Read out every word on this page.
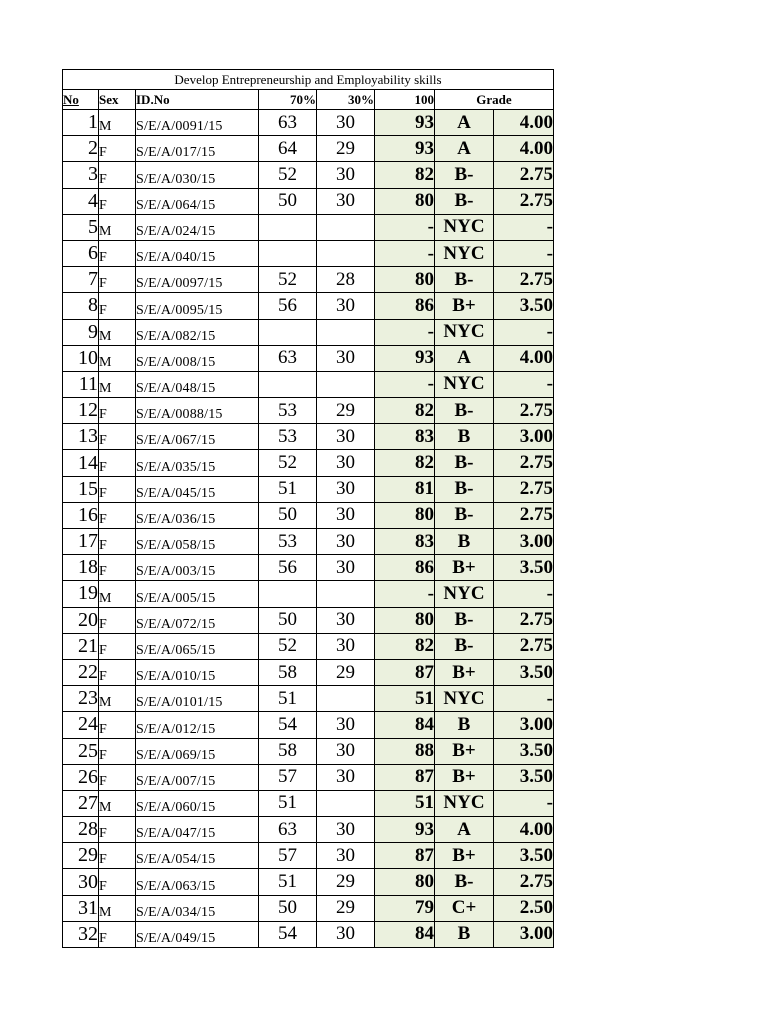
Develop Entrepreneurship and Employability skills							
No	Sex	ID.No	70%	30%	100	Grade	
1	M	S/E/A/0091/15	63	30	93	A	4.00
2	F	S/E/A/017/15	64	29	93	A	4.00
3	F	S/E/A/030/15	52	30	82	B-	2.75
4	F	S/E/A/064/15	50	30	80	B-	2.75
5	M	S/E/A/024/15			-	NYC	-
6	F	S/E/A/040/15			-	NYC	-
7	F	S/E/A/0097/15	52	28	80	B-	2.75
8	F	S/E/A/0095/15	56	30	86	B+	3.50
9	M	S/E/A/082/15			-	NYC	-
10	M	S/E/A/008/15	63	30	93	A	4.00
11	M	S/E/A/048/15			-	NYC	-
12	F	S/E/A/0088/15	53	29	82	B-	2.75
13	F	S/E/A/067/15	53	30	83	B	3.00
14	F	S/E/A/035/15	52	30	82	B-	2.75
15	F	S/E/A/045/15	51	30	81	B-	2.75
16	F	S/E/A/036/15	50	30	80	B-	2.75
17	F	S/E/A/058/15	53	30	83	B	3.00
18	F	S/E/A/003/15	56	30	86	B+	3.50
19	M	S/E/A/005/15			-	NYC	-
20	F	S/E/A/072/15	50	30	80	B-	2.75
21	F	S/E/A/065/15	52	30	82	B-	2.75
22	F	S/E/A/010/15	58	29	87	B+	3.50
23	M	S/E/A/0101/15	51		51	NYC	-
24	F	S/E/A/012/15	54	30	84	B	3.00
25	F	S/E/A/069/15	58	30	88	B+	3.50
26	F	S/E/A/007/15	57	30	87	B+	3.50
27	M	S/E/A/060/15	51		51	NYC	-
28	F	S/E/A/047/15	63	30	93	A	4.00
29	F	S/E/A/054/15	57	30	87	B+	3.50
30	F	S/E/A/063/15	51	29	80	B-	2.75
31	M	S/E/A/034/15	50	29	79	C+	2.50
32	F	S/E/A/049/15	54	30	84	B	3.00
